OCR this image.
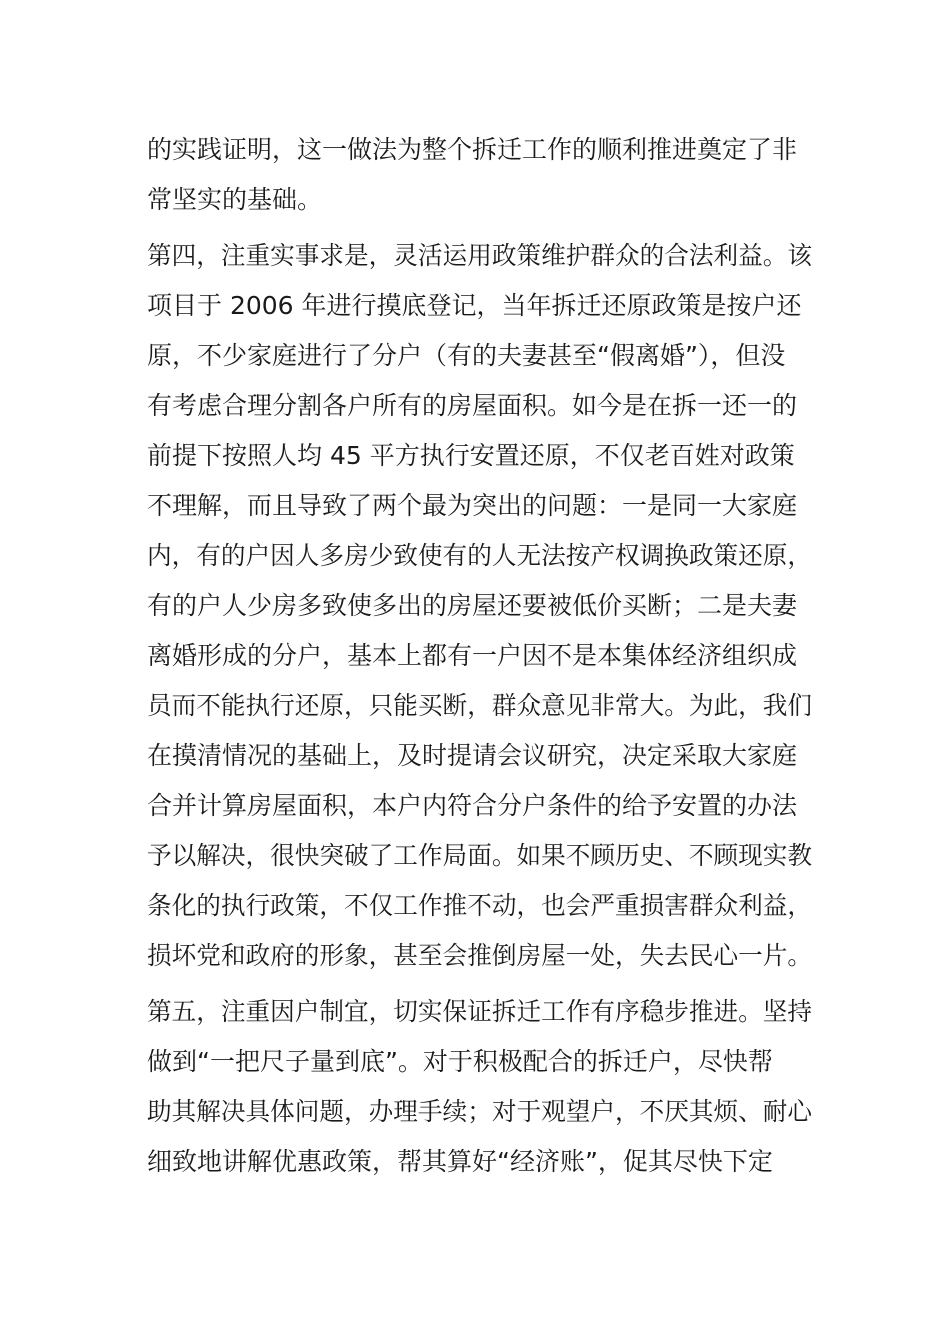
的实践证明，这一做法为整个拆迁工作的顺利推进奠定了非

常坚实的基础。

第四，注重实事求是，灵活运用政策维护群众的合法利益。该

项目于 2006 年进行摸底登记，当年拆迁还原政策是按户还

原，不少家庭进行了分户（有的夫妻甚至“假离婚”），但没

有考虑合理分割各户所有的房屋面积。如今是在拆一还一的

前提下按照人均 45 平方执行安置还原，不仅老百姓对政策

不理解，而且导致了两个最为突出的问题：一是同一大家庭

内，有的户因人多房少致使有的人无法按产权调换政策还原，

有的户人少房多致使多出的房屋还要被低价买断；二是夫妻

离婚形成的分户，基本上都有一户因不是本集体经济组织成

员而不能执行还原，只能买断，群众意见非常大。为此，我们

在摸清情况的基础上，及时提请会议研究，决定采取大家庭

合并计算房屋面积，本户内符合分户条件的给予安置的办法

予以解决，很快突破了工作局面。如果不顾历史、不顾现实教

条化的执行政策，不仅工作推不动，也会严重损害群众利益，

损坏党和政府的形象，甚至会推倒房屋一处，失去民心一片。

第五，注重因户制宜，切实保证拆迁工作有序稳步推进。坚持

做到“一把尺子量到底”。对于积极配合的拆迁户，尽快帮

助其解决具体问题，办理手续；对于观望户，不厌其烦、耐心

细致地讲解优惠政策，帮其算好“经济账”，促其尽快下定
